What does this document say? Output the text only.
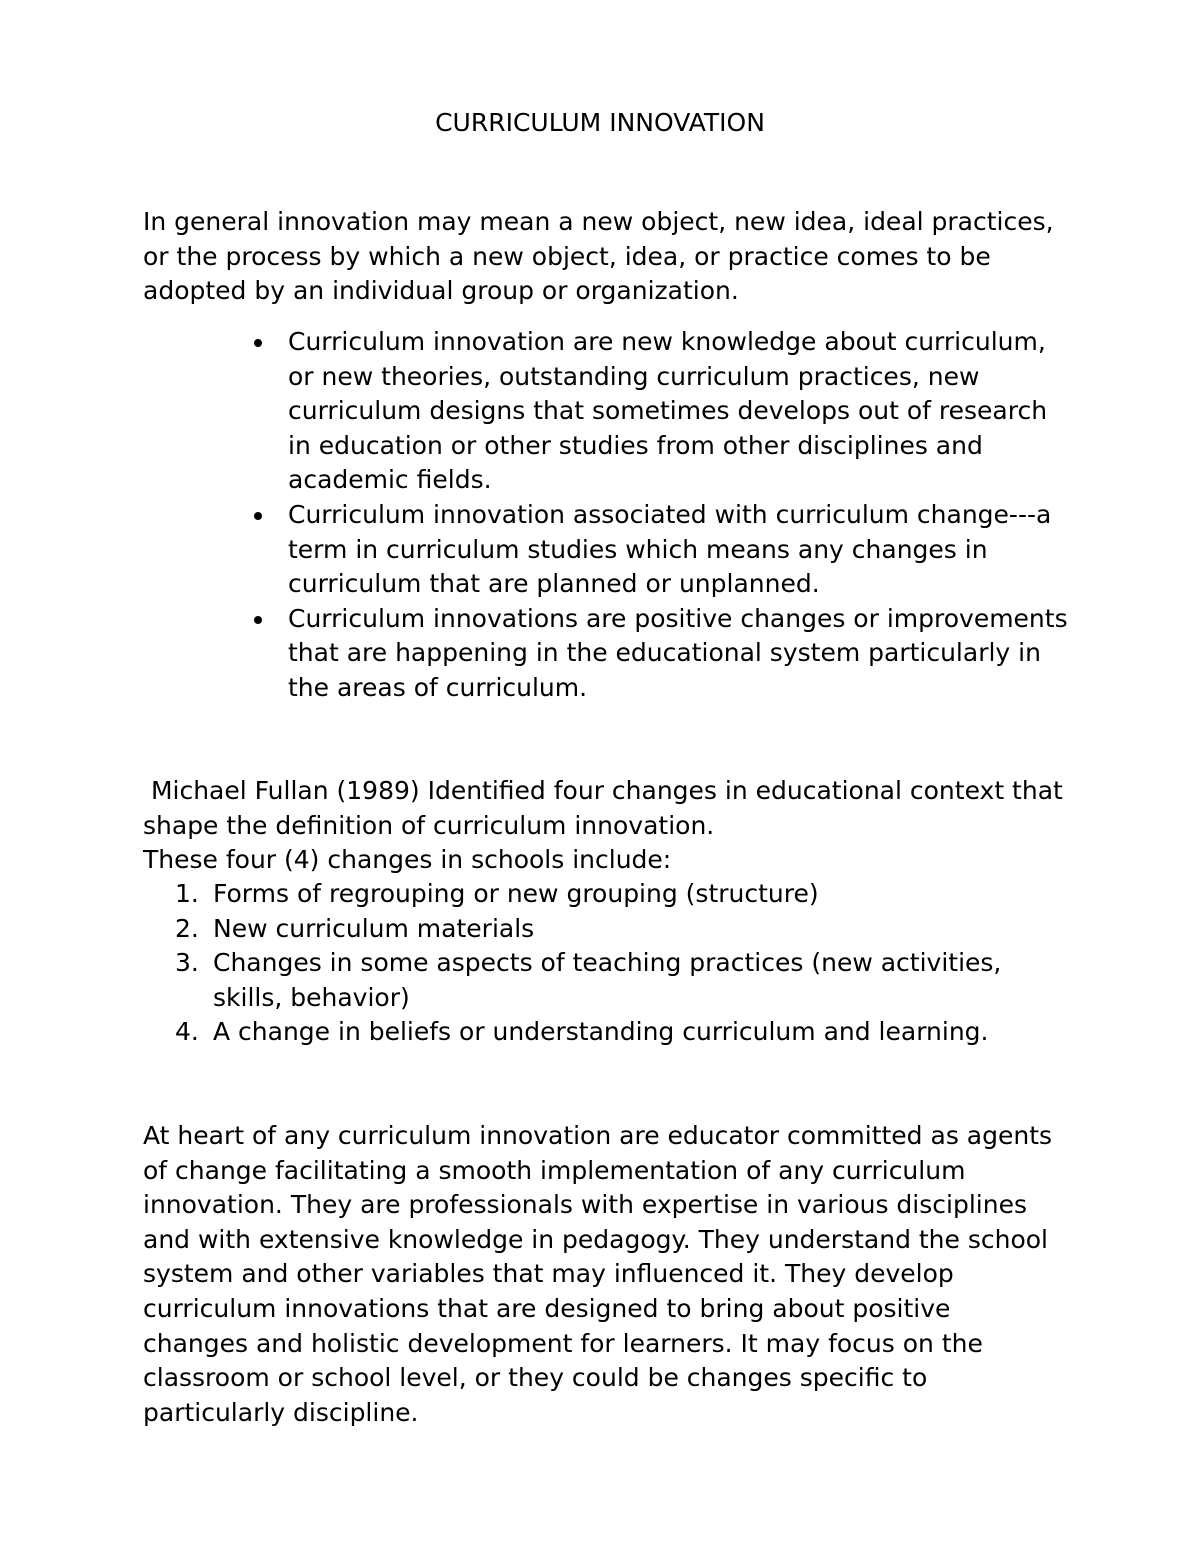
CURRICULUM INNOVATION

In general innovation may mean a new object, new idea, ideal practices, or the process by which a new object, idea, or practice comes to be adopted by an individual group or organization.

Curriculum innovation are new knowledge about curriculum, or new theories, outstanding curriculum practices, new curriculum designs that sometimes develops out of research in education or other studies from other disciplines and academic fields.
Curriculum innovation associated with curriculum change---a term in curriculum studies which means any changes in curriculum that are planned or unplanned.
Curriculum innovations are positive changes or improvements that are happening in the educational system particularly in the areas of curriculum.
Michael Fullan (1989) Identified four changes in educational context that shape the definition of curriculum innovation.
These four (4) changes in schools include:
1. Forms of regrouping or new grouping (structure)
2. New curriculum materials
3. Changes in some aspects of teaching practices (new activities, skills, behavior)
4. A change in beliefs or understanding curriculum and learning.

At heart of any curriculum innovation are educator committed as agents of change facilitating a smooth implementation of any curriculum innovation. They are professionals with expertise in various disciplines and with extensive knowledge in pedagogy. They understand the school system and other variables that may influenced it. They develop curriculum innovations that are designed to bring about positive changes and holistic development for learners. It may focus on the classroom or school level, or they could be changes specific to particularly discipline.
